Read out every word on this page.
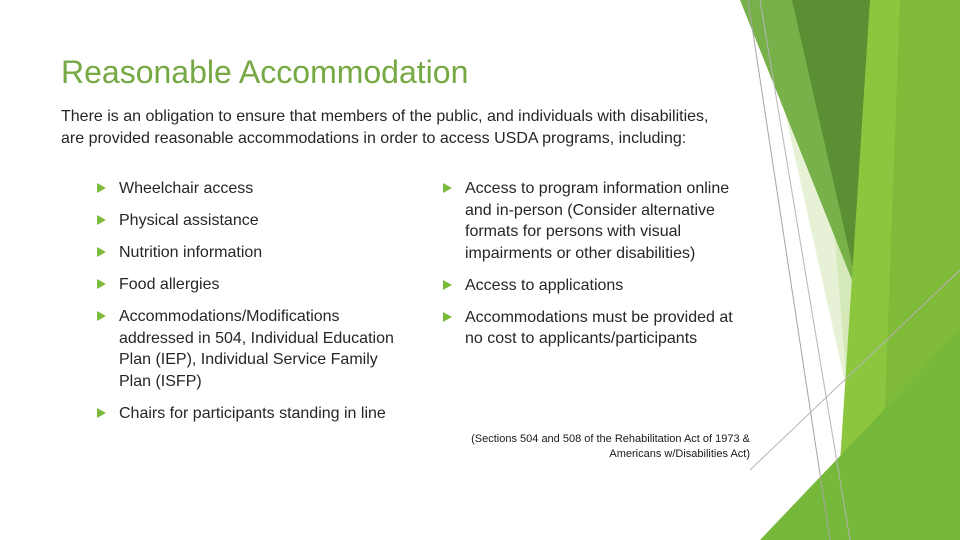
Reasonable Accommodation

There is an obligation to ensure that members of the public, and individuals with disabilities, are provided reasonable accommodations in order to access USDA programs, including:

Wheelchair access
Physical assistance
Nutrition information
Food allergies
Accommodations/Modifications addressed in 504, Individual Education Plan (IEP), Individual Service Family Plan (ISFP)
Chairs for participants standing in line
Access to program information online and in-person (Consider alternative formats for persons with visual impairments or other disabilities)
Access to applications
Accommodations must be provided at no cost to applicants/participants

(Sections 504 and 508 of the Rehabilitation Act of 1973 & Americans w/Disabilities Act)
